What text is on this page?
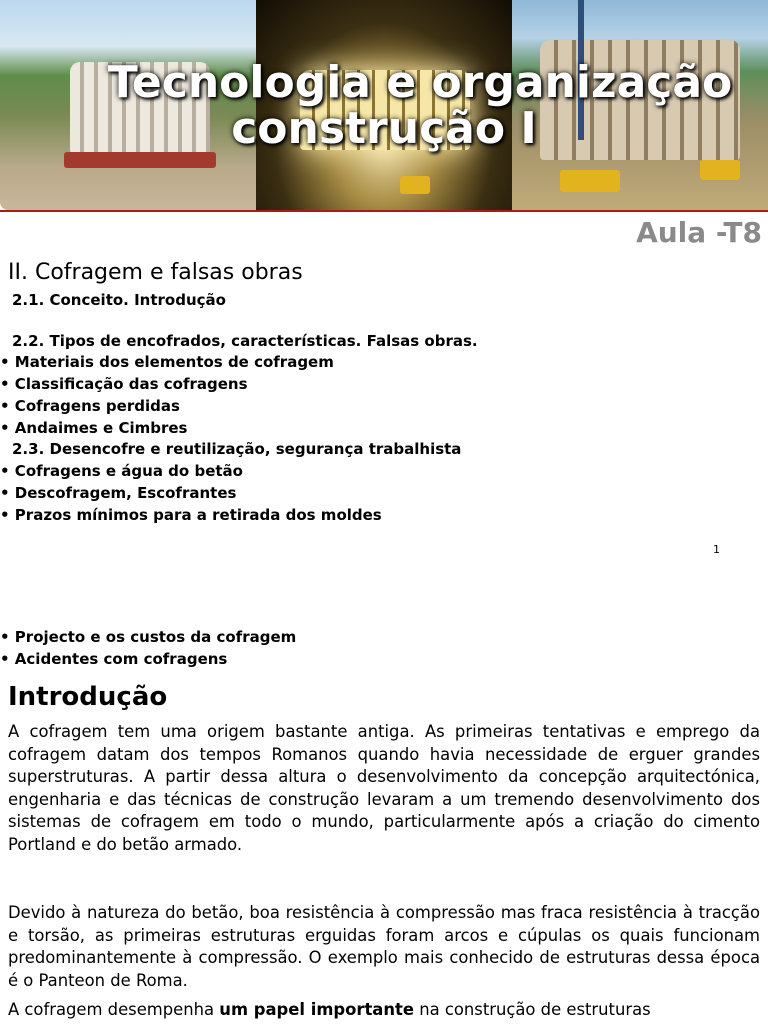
Tecnologia e organização
construção I
Aula -T8
II. Cofragem e falsas obras
2.1. Conceito. Introdução
2.2. Tipos de encofrados, características. Falsas obras.
• Materiais dos elementos de cofragem
• Classificação das cofragens
• Cofragens perdidas
• Andaimes e Cimbres
2.3. Desencofre e reutilização, segurança trabalhista
• Cofragens e água do betão
• Descofragem, Escofrantes
• Prazos mínimos para a retirada dos moldes
1
• Projecto e os custos da cofragem
• Acidentes com cofragens
Introdução
A cofragem tem uma origem bastante antiga. As primeiras tentativas e emprego da cofragem datam dos tempos Romanos quando havia necessidade de erguer grandes superstruturas. A partir dessa altura o desenvolvimento da concepção arquitectónica, engenharia e das técnicas de construção levaram a um tremendo desenvolvimento dos sistemas de cofragem em todo o mundo, particularmente após a criação do cimento Portland e do betão armado.
Devido à natureza do betão, boa resistência à compressão mas fraca resistência à tracção e torsão, as primeiras estruturas erguidas foram arcos e cúpulas os quais funcionam predominantemente à compressão. O exemplo mais conhecido de estruturas dessa época é o Panteon de Roma.
A cofragem desempenha um papel importante na construção de estruturas
